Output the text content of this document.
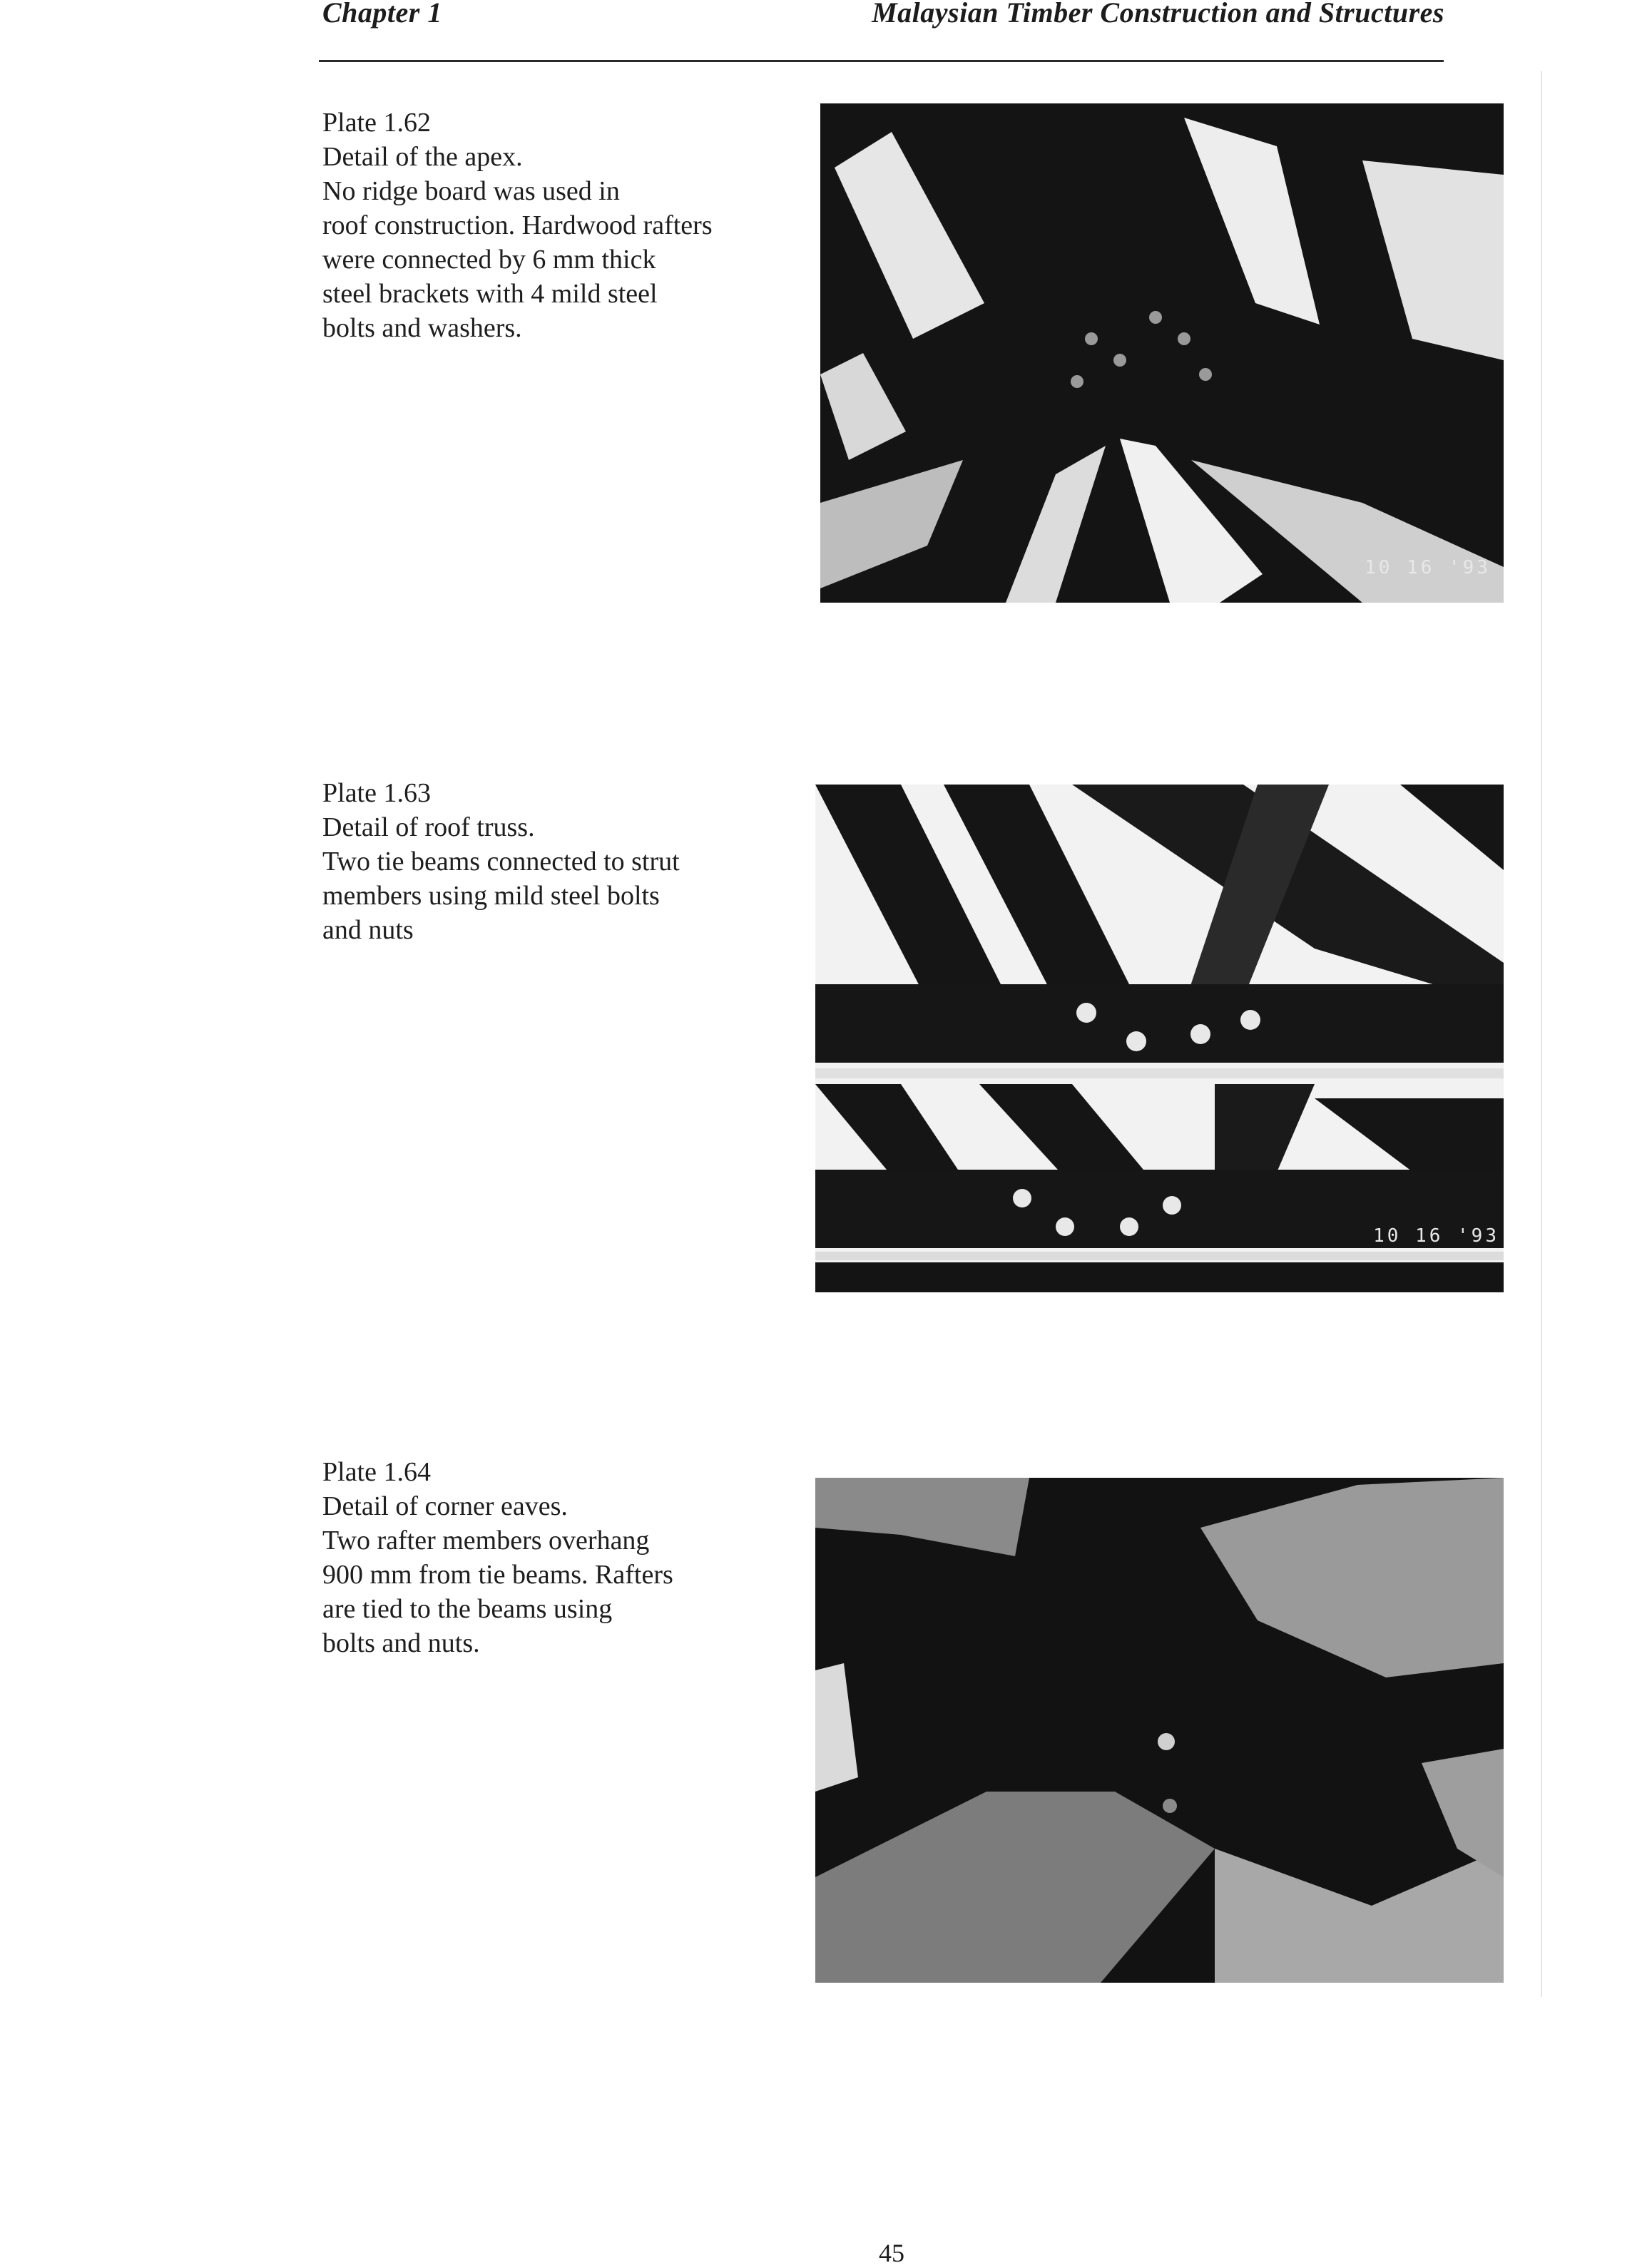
Chapter 1	Malaysian Timber Construction and Structures
Plate 1.62
Detail of the apex.
No ridge board was used in
roof construction. Hardwood rafters
were connected by 6 mm thick
steel brackets with 4 mild steel
bolts and washers.
10 16 '93
Plate 1.63
Detail of roof truss.
Two tie beams connected to strut
members using mild steel bolts
and nuts
10 16 '93
Plate 1.64
Detail of corner eaves.
Two rafter members overhang
900 mm from tie beams. Rafters
are tied to the beams using
bolts and nuts.
45
